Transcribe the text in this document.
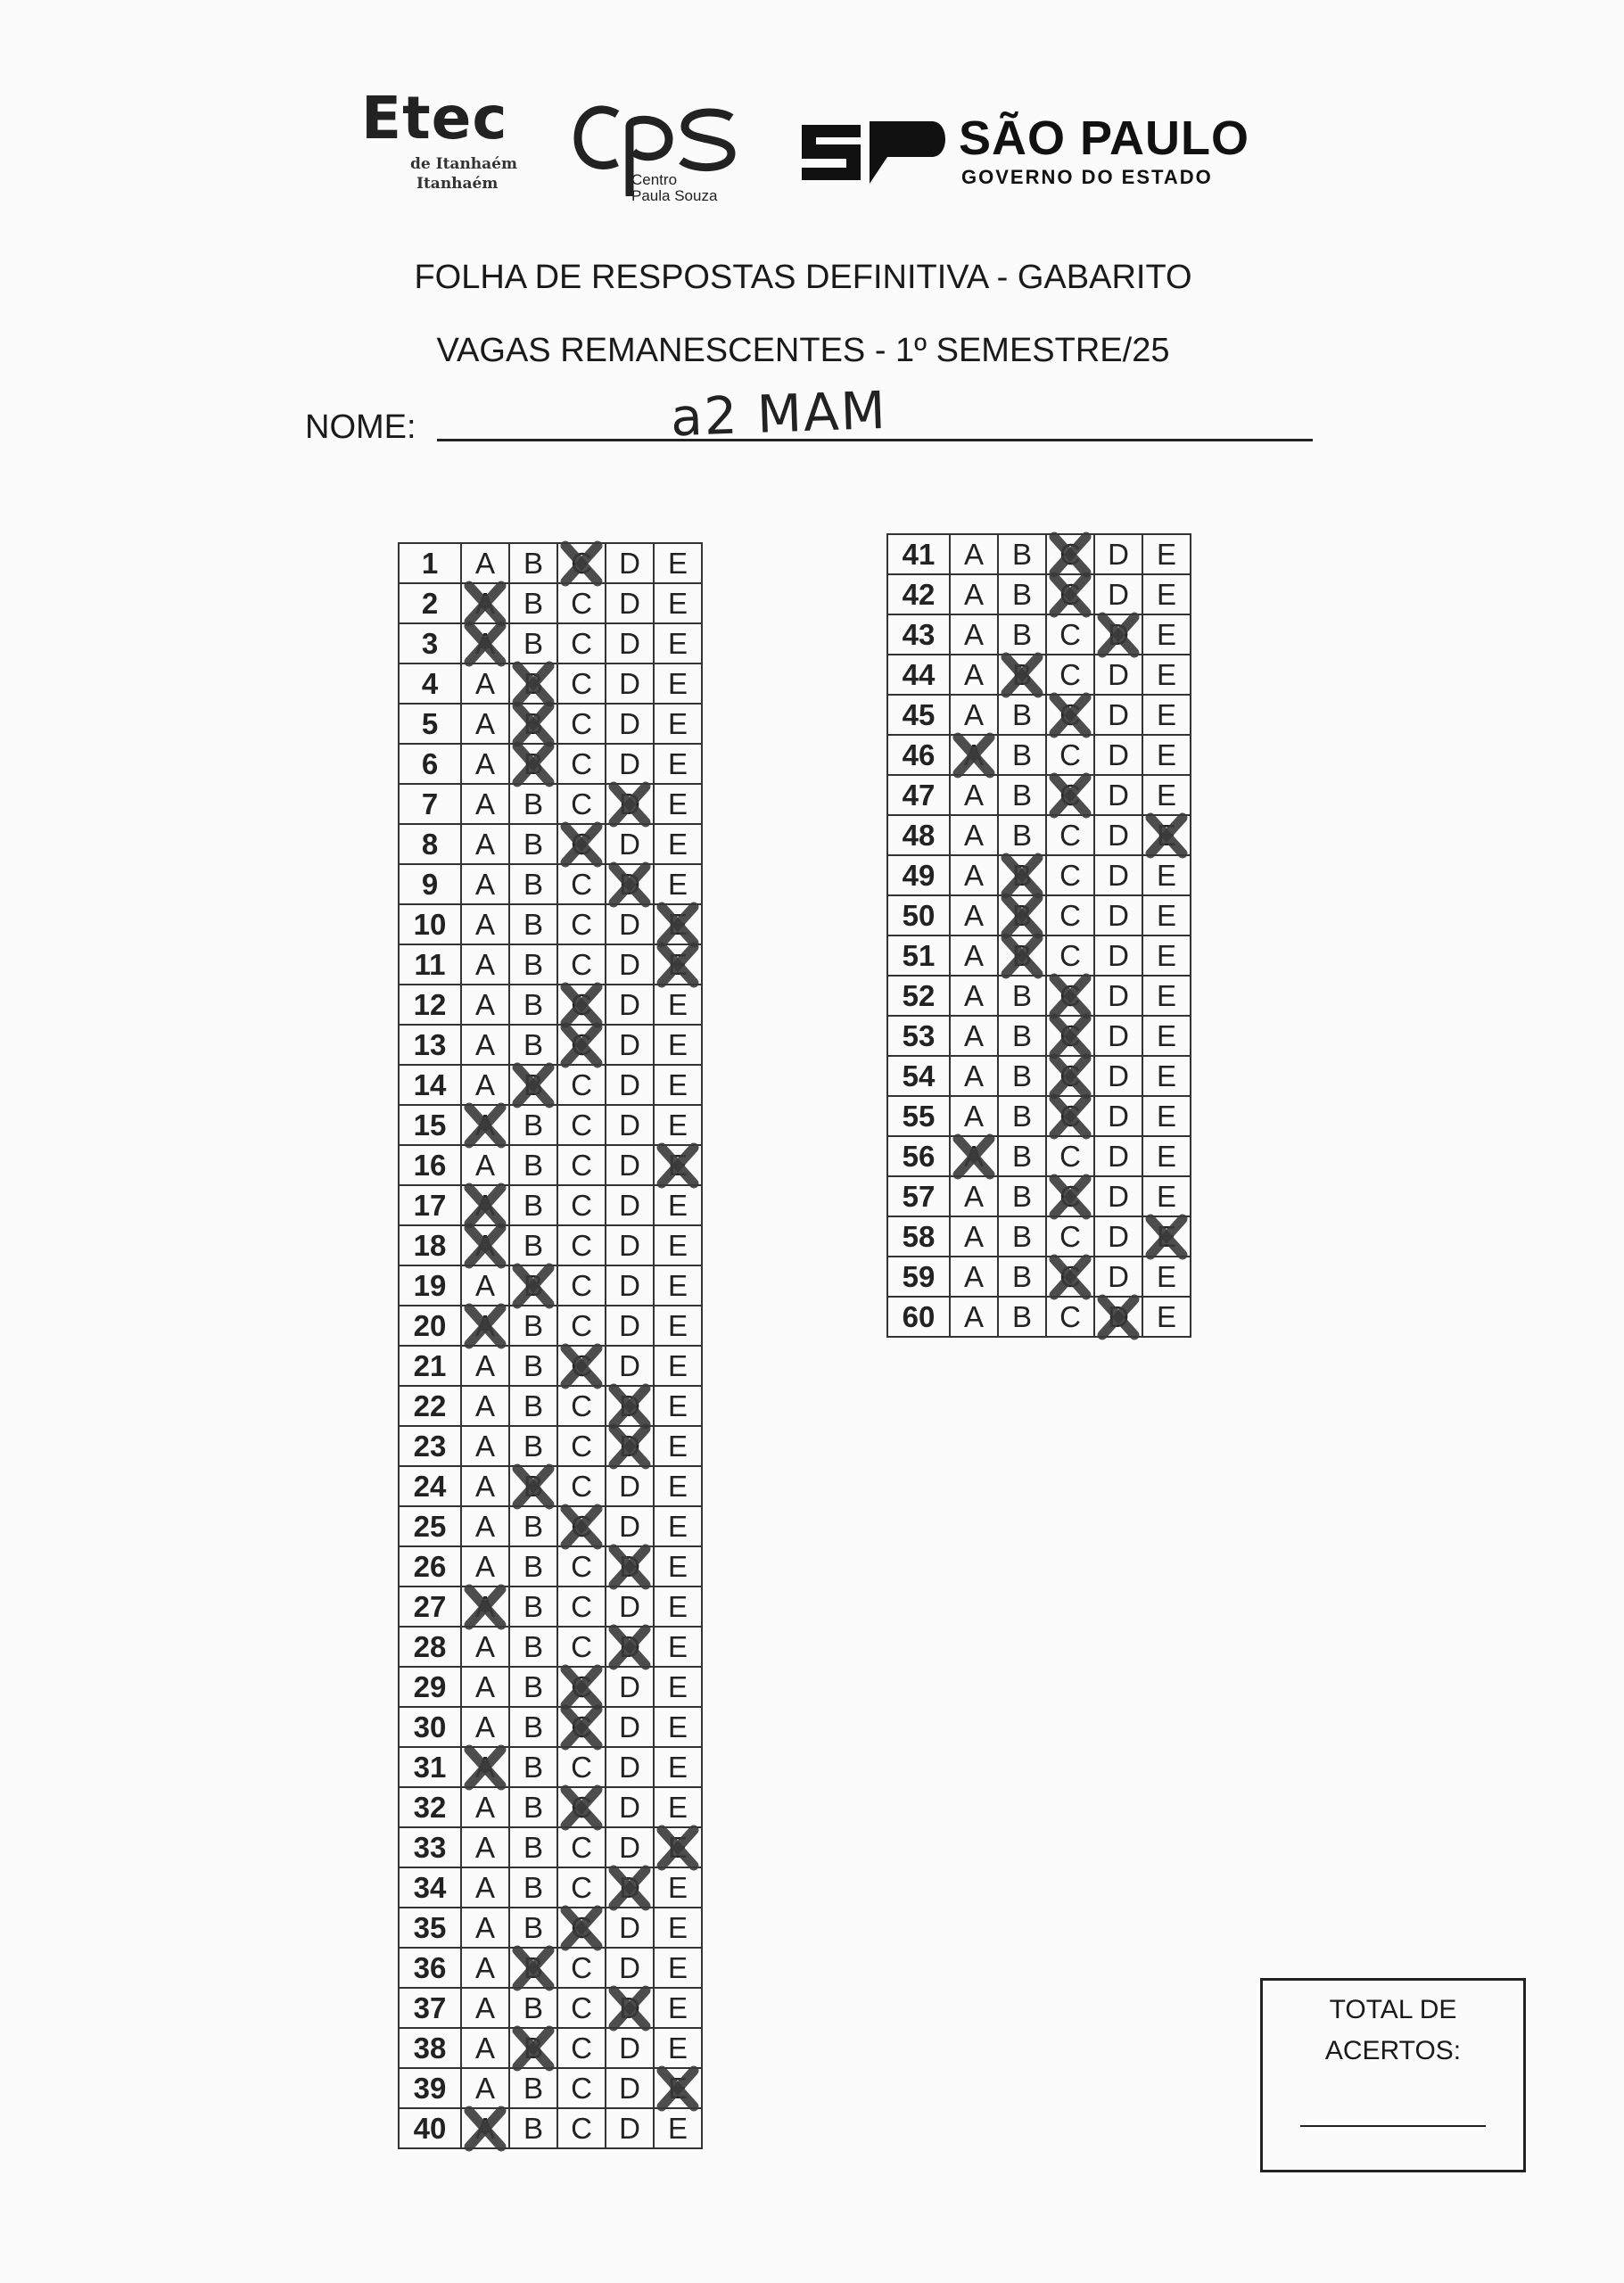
Etec
de Itanhaém
Itanhaém	Centro
Paula Souza
SÃO PAULO
GOVERNO DO ESTADO
FOLHA DE RESPOSTAS DEFINITIVA - GABARITO
VAGAS REMANESCENTES - 1º SEMESTRE/25
NOME:	a2 MAM
1	A	B	C	D	E
2	A	B	C	D	E
3	A	B	C	D	E
4	A	B	C	D	E
5	A	B	C	D	E
6	A	B	C	D	E
7	A	B	C	D	E
8	A	B	C	D	E
9	A	B	C	D	E
10	A	B	C	D	E

11	A	B	C	D	E

12	A	B	C	D	E
13	A	B	C	D	E
14	A	B	C	D	E
15	A	B	C	D	E
16	A	B	C	D	E

17	A	B	C	D	E
18	A	B	C	D	E
19	A	B	C	D	E
20	A	B	C	D	E
21	A	B	C	D	E
22	A	B	C	D	E
23	A	B	C	D	E
24	A	B	C	D	E
25	A	B	C	D	E
26	A	B	C	D	E
27	A	B	C	D	E
28	A	B	C	D	E
29	A	B	C	D	E
30	A	B	C	D	E
31	A	B	C	D	E
32	A	B	C	D	E
33	A	B	C	D	E

34	A	B	C	D	E
35	A	B	C	D	E
36	A	B	C	D	E
37	A	B	C	D	E
38	A	B	C	D	E
39	A	B	C	D	E

40	A	B	C	D	E
41	A	B	C	D	E
42	A	B	C	D	E
43	A	B	C	D	E
44	A	B	C	D	E
45	A	B	C	D	E
46	A	B	C	D	E
47	A	B	C	D	E
48	A	B	C	D	E

49	A	B	C	D	E
50	A	B	C	D	E
51	A	B	C	D	E
52	A	B	C	D	E
53	A	B	C	D	E
54	A	B	C	D	E
55	A	B	C	D	E
56	A	B	C	D	E
57	A	B	C	D	E
58	A	B	C	D	E

59	A	B	C	D	E
60	A	B	C	D	E
TOTAL DE
ACERTOS:
